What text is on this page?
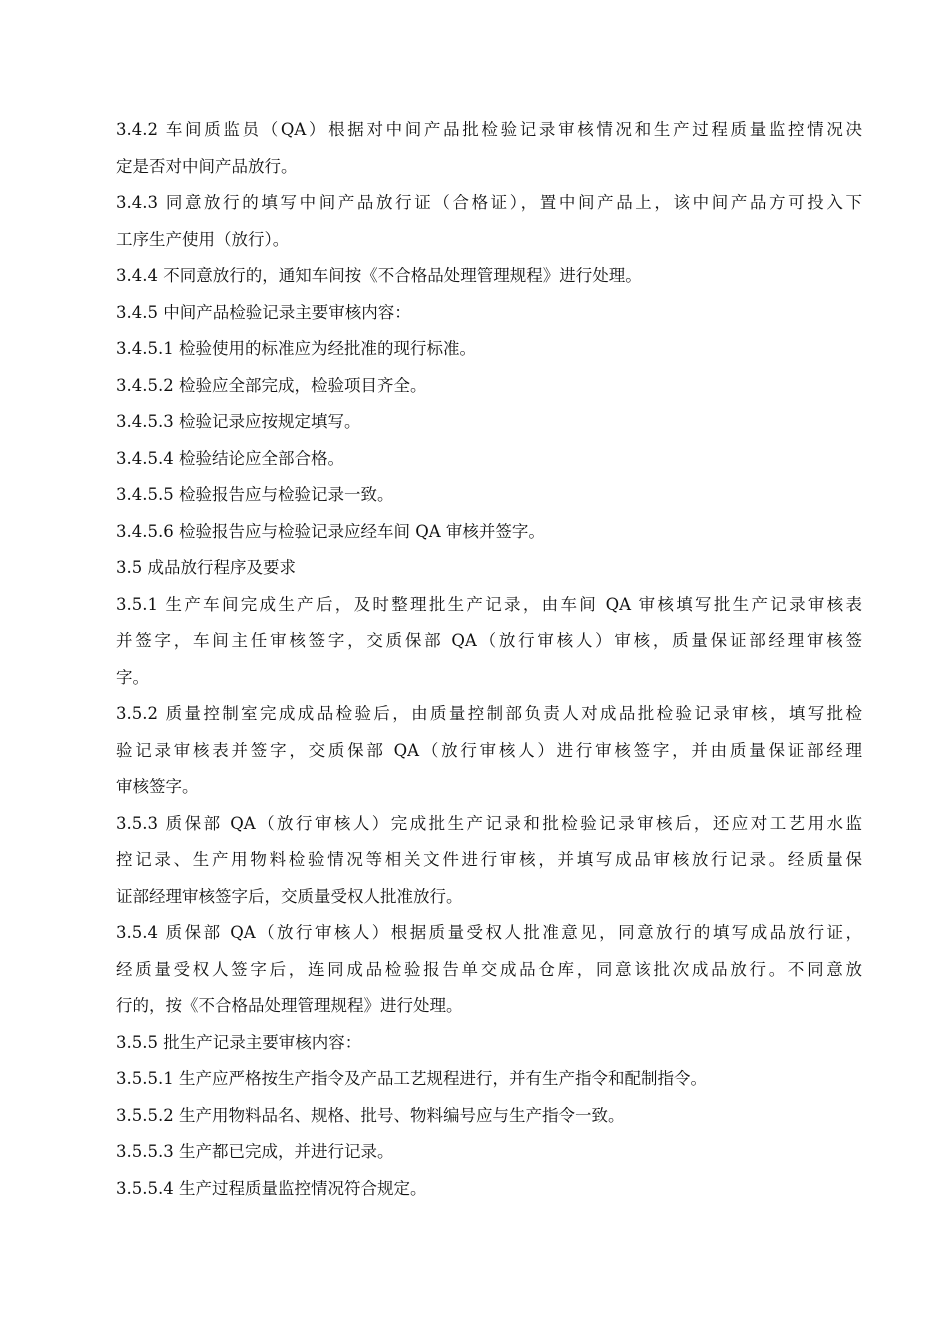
3.4.2 车间质监员（QA）根据对中间产品批检验记录审核情况和生产过程质量监控情况决
定是否对中间产品放行。

3.4.3 同意放行的填写中间产品放行证（合格证），置中间产品上，该中间产品方可投入下
工序生产使用（放行）。

3.4.4 不同意放行的，通知车间按《不合格品处理管理规程》进行处理。

3.4.5 中间产品检验记录主要审核内容：

3.4.5.1 检验使用的标准应为经批准的现行标准。

3.4.5.2 检验应全部完成，检验项目齐全。

3.4.5.3 检验记录应按规定填写。

3.4.5.4 检验结论应全部合格。

3.4.5.5 检验报告应与检验记录一致。

3.4.5.6 检验报告应与检验记录应经车间 QA 审核并签字。

3.5 成品放行程序及要求

3.5.1 生产车间完成生产后，及时整理批生产记录，由车间 QA 审核填写批生产记录审核表
并签字，车间主任审核签字，交质保部 QA（放行审核人）审核，质量保证部经理审核签
字。

3.5.2 质量控制室完成成品检验后，由质量控制部负责人对成品批检验记录审核，填写批检
验记录审核表并签字，交质保部 QA（放行审核人）进行审核签字，并由质量保证部经理
审核签字。

3.5.3 质保部 QA（放行审核人）完成批生产记录和批检验记录审核后，还应对工艺用水监
控记录、生产用物料检验情况等相关文件进行审核，并填写成品审核放行记录。经质量保
证部经理审核签字后，交质量受权人批准放行。

3.5.4 质保部 QA（放行审核人）根据质量受权人批准意见，同意放行的填写成品放行证，
经质量受权人签字后，连同成品检验报告单交成品仓库，同意该批次成品放行。不同意放
行的，按《不合格品处理管理规程》进行处理。

3.5.5 批生产记录主要审核内容：

3.5.5.1 生产应严格按生产指令及产品工艺规程进行，并有生产指令和配制指令。

3.5.5.2 生产用物料品名、规格、批号、物料编号应与生产指令一致。

3.5.5.3 生产都已完成，并进行记录。

3.5.5.4 生产过程质量监控情况符合规定。
